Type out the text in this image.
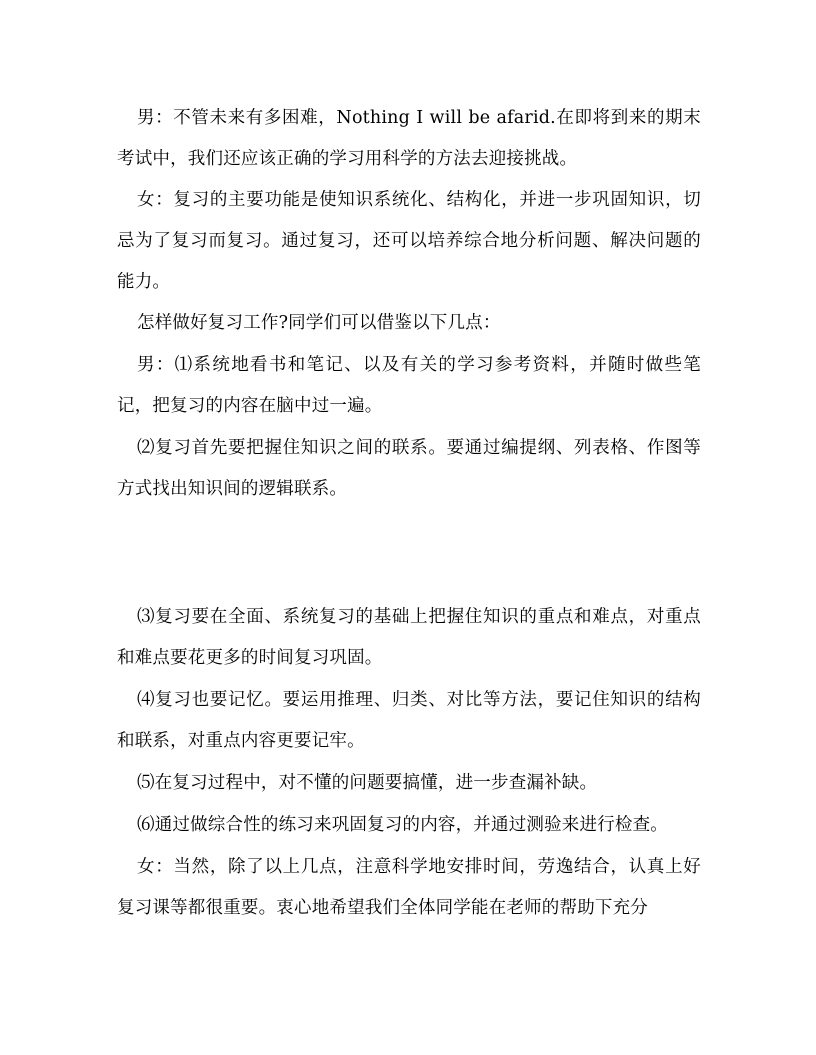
男：不管未来有多困难，Nothing I will be afarid.在即将到来的期末考试中，我们还应该正确的学习用科学的方法去迎接挑战。

女：复习的主要功能是使知识系统化、结构化，并进一步巩固知识，切忌为了复习而复习。通过复习，还可以培养综合地分析问题、解决问题的能力。

怎样做好复习工作?同学们可以借鉴以下几点：

男：⑴系统地看书和笔记、以及有关的学习参考资料，并随时做些笔记，把复习的内容在脑中过一遍。

⑵复习首先要把握住知识之间的联系。要通过编提纲、列表格、作图等方式找出知识间的逻辑联系。

⑶复习要在全面、系统复习的基础上把握住知识的重点和难点，对重点和难点要花更多的时间复习巩固。

⑷复习也要记忆。要运用推理、归类、对比等方法，要记住知识的结构和联系，对重点内容更要记牢。

⑸在复习过程中，对不懂的问题要搞懂，进一步查漏补缺。

⑹通过做综合性的练习来巩固复习的内容，并通过测验来进行检查。

女：当然，除了以上几点，注意科学地安排时间，劳逸结合，认真上好复习课等都很重要。衷心地希望我们全体同学能在老师的帮助下充分
